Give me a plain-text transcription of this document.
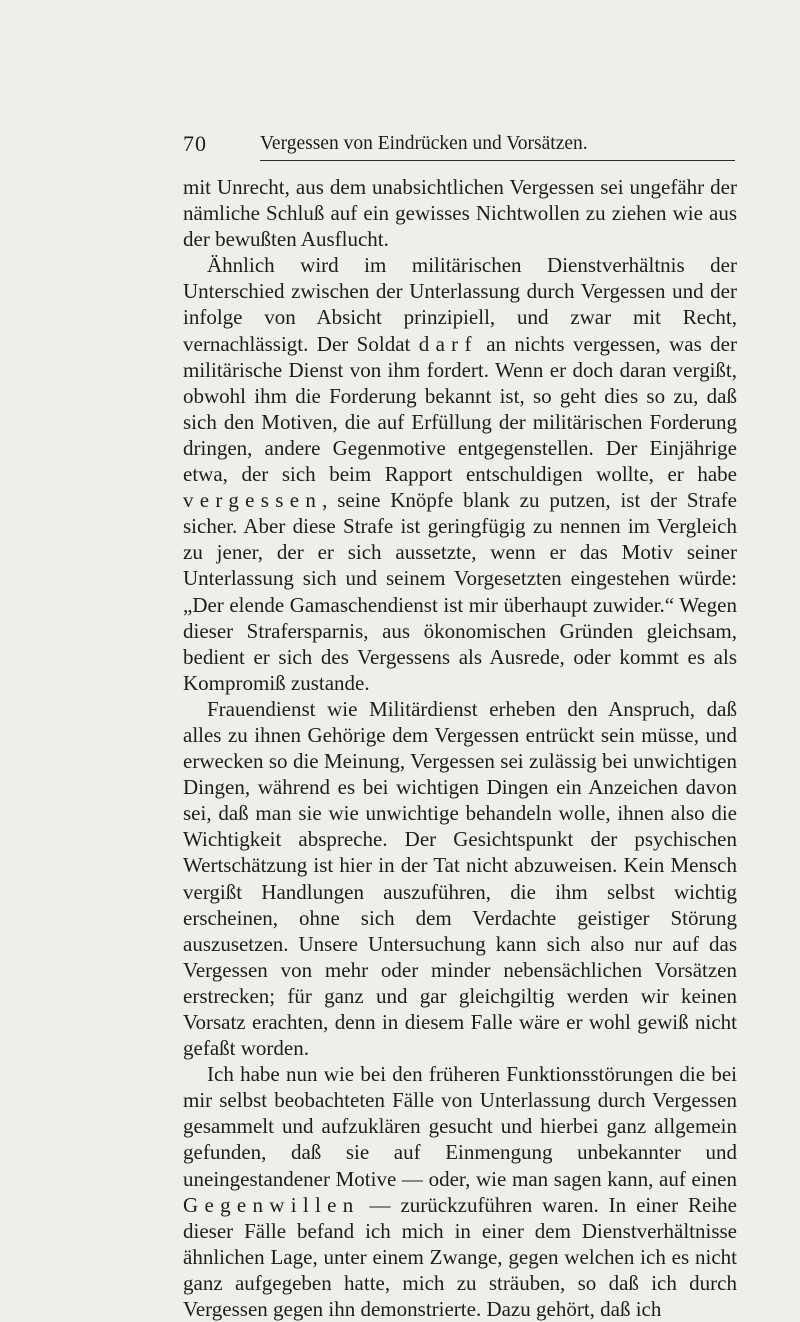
70	Vergessen von Eindrücken und Vorsätzen.

mit Unrecht, aus dem unabsichtlichen Vergessen sei ungefähr der nämliche Schluß auf ein gewisses Nichtwollen zu ziehen wie aus der bewußten Ausflucht.

Ähnlich wird im militärischen Dienstverhältnis der Unterschied zwischen der Unterlassung durch Vergessen und der infolge von Absicht prinzipiell, und zwar mit Recht, vernachlässigt. Der Soldat darf an nichts vergessen, was der militärische Dienst von ihm fordert. Wenn er doch daran vergißt, obwohl ihm die Forderung bekannt ist, so geht dies so zu, daß sich den Motiven, die auf Erfüllung der militärischen Forderung dringen, andere Gegenmotive entgegenstellen. Der Einjährige etwa, der sich beim Rapport entschuldigen wollte, er habe vergessen, seine Knöpfe blank zu putzen, ist der Strafe sicher. Aber diese Strafe ist geringfügig zu nennen im Vergleich zu jener, der er sich aussetzte, wenn er das Motiv seiner Unterlassung sich und seinem Vorgesetzten eingestehen würde: „Der elende Gamaschendienst ist mir überhaupt zuwider.“ Wegen dieser Strafersparnis, aus ökonomischen Gründen gleichsam, bedient er sich des Vergessens als Ausrede, oder kommt es als Kompromiß zustande.

Frauendienst wie Militärdienst erheben den Anspruch, daß alles zu ihnen Gehörige dem Vergessen entrückt sein müsse, und erwecken so die Meinung, Vergessen sei zulässig bei unwichtigen Dingen, während es bei wichtigen Dingen ein Anzeichen davon sei, daß man sie wie unwichtige behandeln wolle, ihnen also die Wichtigkeit abspreche. Der Gesichtspunkt der psychischen Wertschätzung ist hier in der Tat nicht abzuweisen. Kein Mensch vergißt Handlungen auszuführen, die ihm selbst wichtig erscheinen, ohne sich dem Verdachte geistiger Störung auszusetzen. Unsere Untersuchung kann sich also nur auf das Vergessen von mehr oder minder nebensächlichen Vorsätzen erstrecken; für ganz und gar gleichgiltig werden wir keinen Vorsatz erachten, denn in diesem Falle wäre er wohl gewiß nicht gefaßt worden.

Ich habe nun wie bei den früheren Funktionsstörungen die bei mir selbst beobachteten Fälle von Unterlassung durch Vergessen gesammelt und aufzuklären gesucht und hierbei ganz allgemein gefunden, daß sie auf Einmengung unbekannter und uneingestandener Motive — oder, wie man sagen kann, auf einen Gegenwillen — zurückzuführen waren. In einer Reihe dieser Fälle befand ich mich in einer dem Dienstverhältnisse ähnlichen Lage, unter einem Zwange, gegen welchen ich es nicht ganz aufgegeben hatte, mich zu sträuben, so daß ich durch Vergessen gegen ihn demonstrierte. Dazu gehört, daß ich
